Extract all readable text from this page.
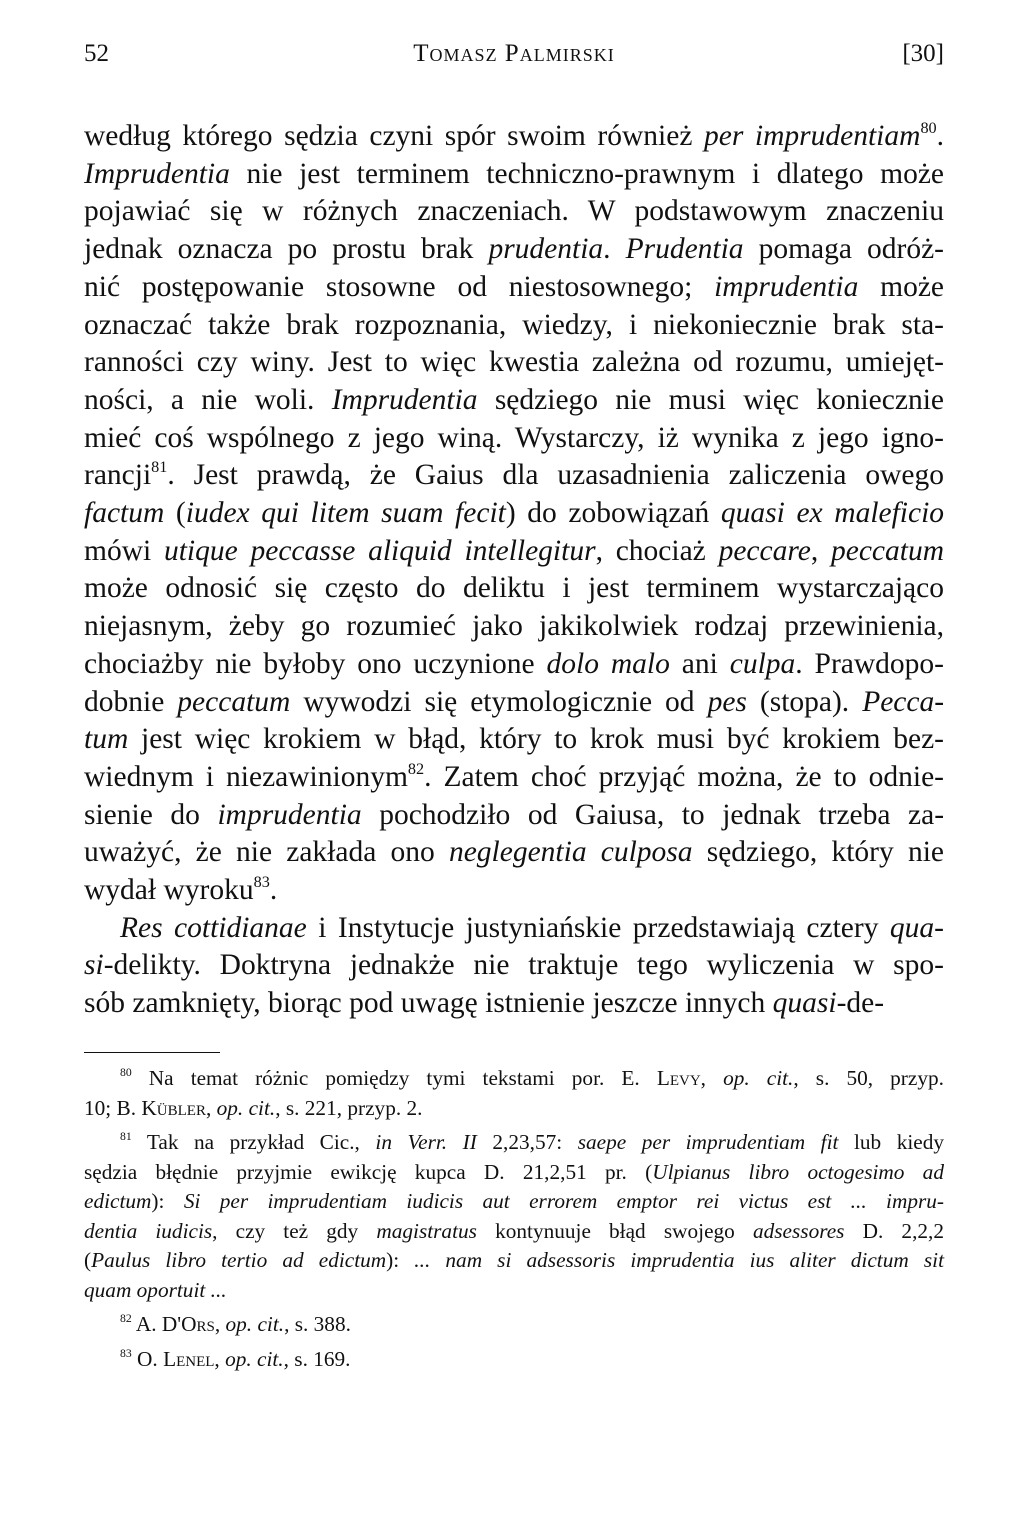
52	Tomasz Palmirski	[30]

według którego sędzia czyni spór swoim również per imprudentiam$^{80}$.
Imprudentia nie jest terminem techniczno-prawnym i dlatego może
pojawiać się w różnych znaczeniach. W podstawowym znaczeniu
jednak oznacza po prostu brak prudentia. Prudentia pomaga odróż-
nić postępowanie stosowne od niestosownego; imprudentia może
oznaczać także brak rozpoznania, wiedzy, i niekoniecznie brak sta-
ranności czy winy. Jest to więc kwestia zależna od rozumu, umiejęt-
ności, a nie woli. Imprudentia sędziego nie musi więc koniecznie
mieć coś wspólnego z jego winą. Wystarczy, iż wynika z jego igno-
rancji$^{81}$. Jest prawdą, że Gaius dla uzasadnienia zaliczenia owego
factum (iudex qui litem suam fecit) do zobowiązań quasi ex maleficio
mówi utique peccasse aliquid intellegitur, chociaż peccare, peccatum
może odnosić się często do deliktu i jest terminem wystarczająco
niejasnym, żeby go rozumieć jako jakikolwiek rodzaj przewinienia,
chociażby nie byłoby ono uczynione dolo malo ani culpa. Prawdopo-
dobnie peccatum wywodzi się etymologicznie od pes (stopa). Pecca-
tum jest więc krokiem w błąd, który to krok musi być krokiem bez-
wiednym i niezawinionym$^{82}$. Zatem choć przyjąć można, że to odnie-
sienie do imprudentia pochodziło od Gaiusa, to jednak trzeba za-
uważyć, że nie zakłada ono neglegentia culposa sędziego, który nie
wydał wyroku$^{83}$.

Res cottidianae i Instytucje justyniańskie przedstawiają cztery qua-
si-delikty. Doktryna jednakże nie traktuje tego wyliczenia w spo-
sób zamknięty, biorąc pod uwagę istnienie jeszcze innych quasi-de-

$^{80}$ Na temat różnic pomiędzy tymi tekstami por. E. Levy, op. cit., s. 50, przyp.
10; B. Kübler, op. cit., s. 221, przyp. 2.

$^{81}$ Tak na przykład Cic., in Verr. II 2,23,57: saepe per imprudentiam fit lub kiedy
sędzia błędnie przyjmie ewikcję kupca D. 21,2,51 pr. (Ulpianus libro octogesimo ad
edictum): Si per imprudentiam iudicis aut errorem emptor rei victus est ... impru-
dentia iudicis, czy też gdy magistratus kontynuuje błąd swojego adsessores D. 2,2,2
(Paulus libro tertio ad edictum): ... nam si adsessoris imprudentia ius aliter dictum sit
quam oportuit ...

$^{82}$ A. D'Ors, op. cit., s. 388.

$^{83}$ O. Lenel, op. cit., s. 169.
